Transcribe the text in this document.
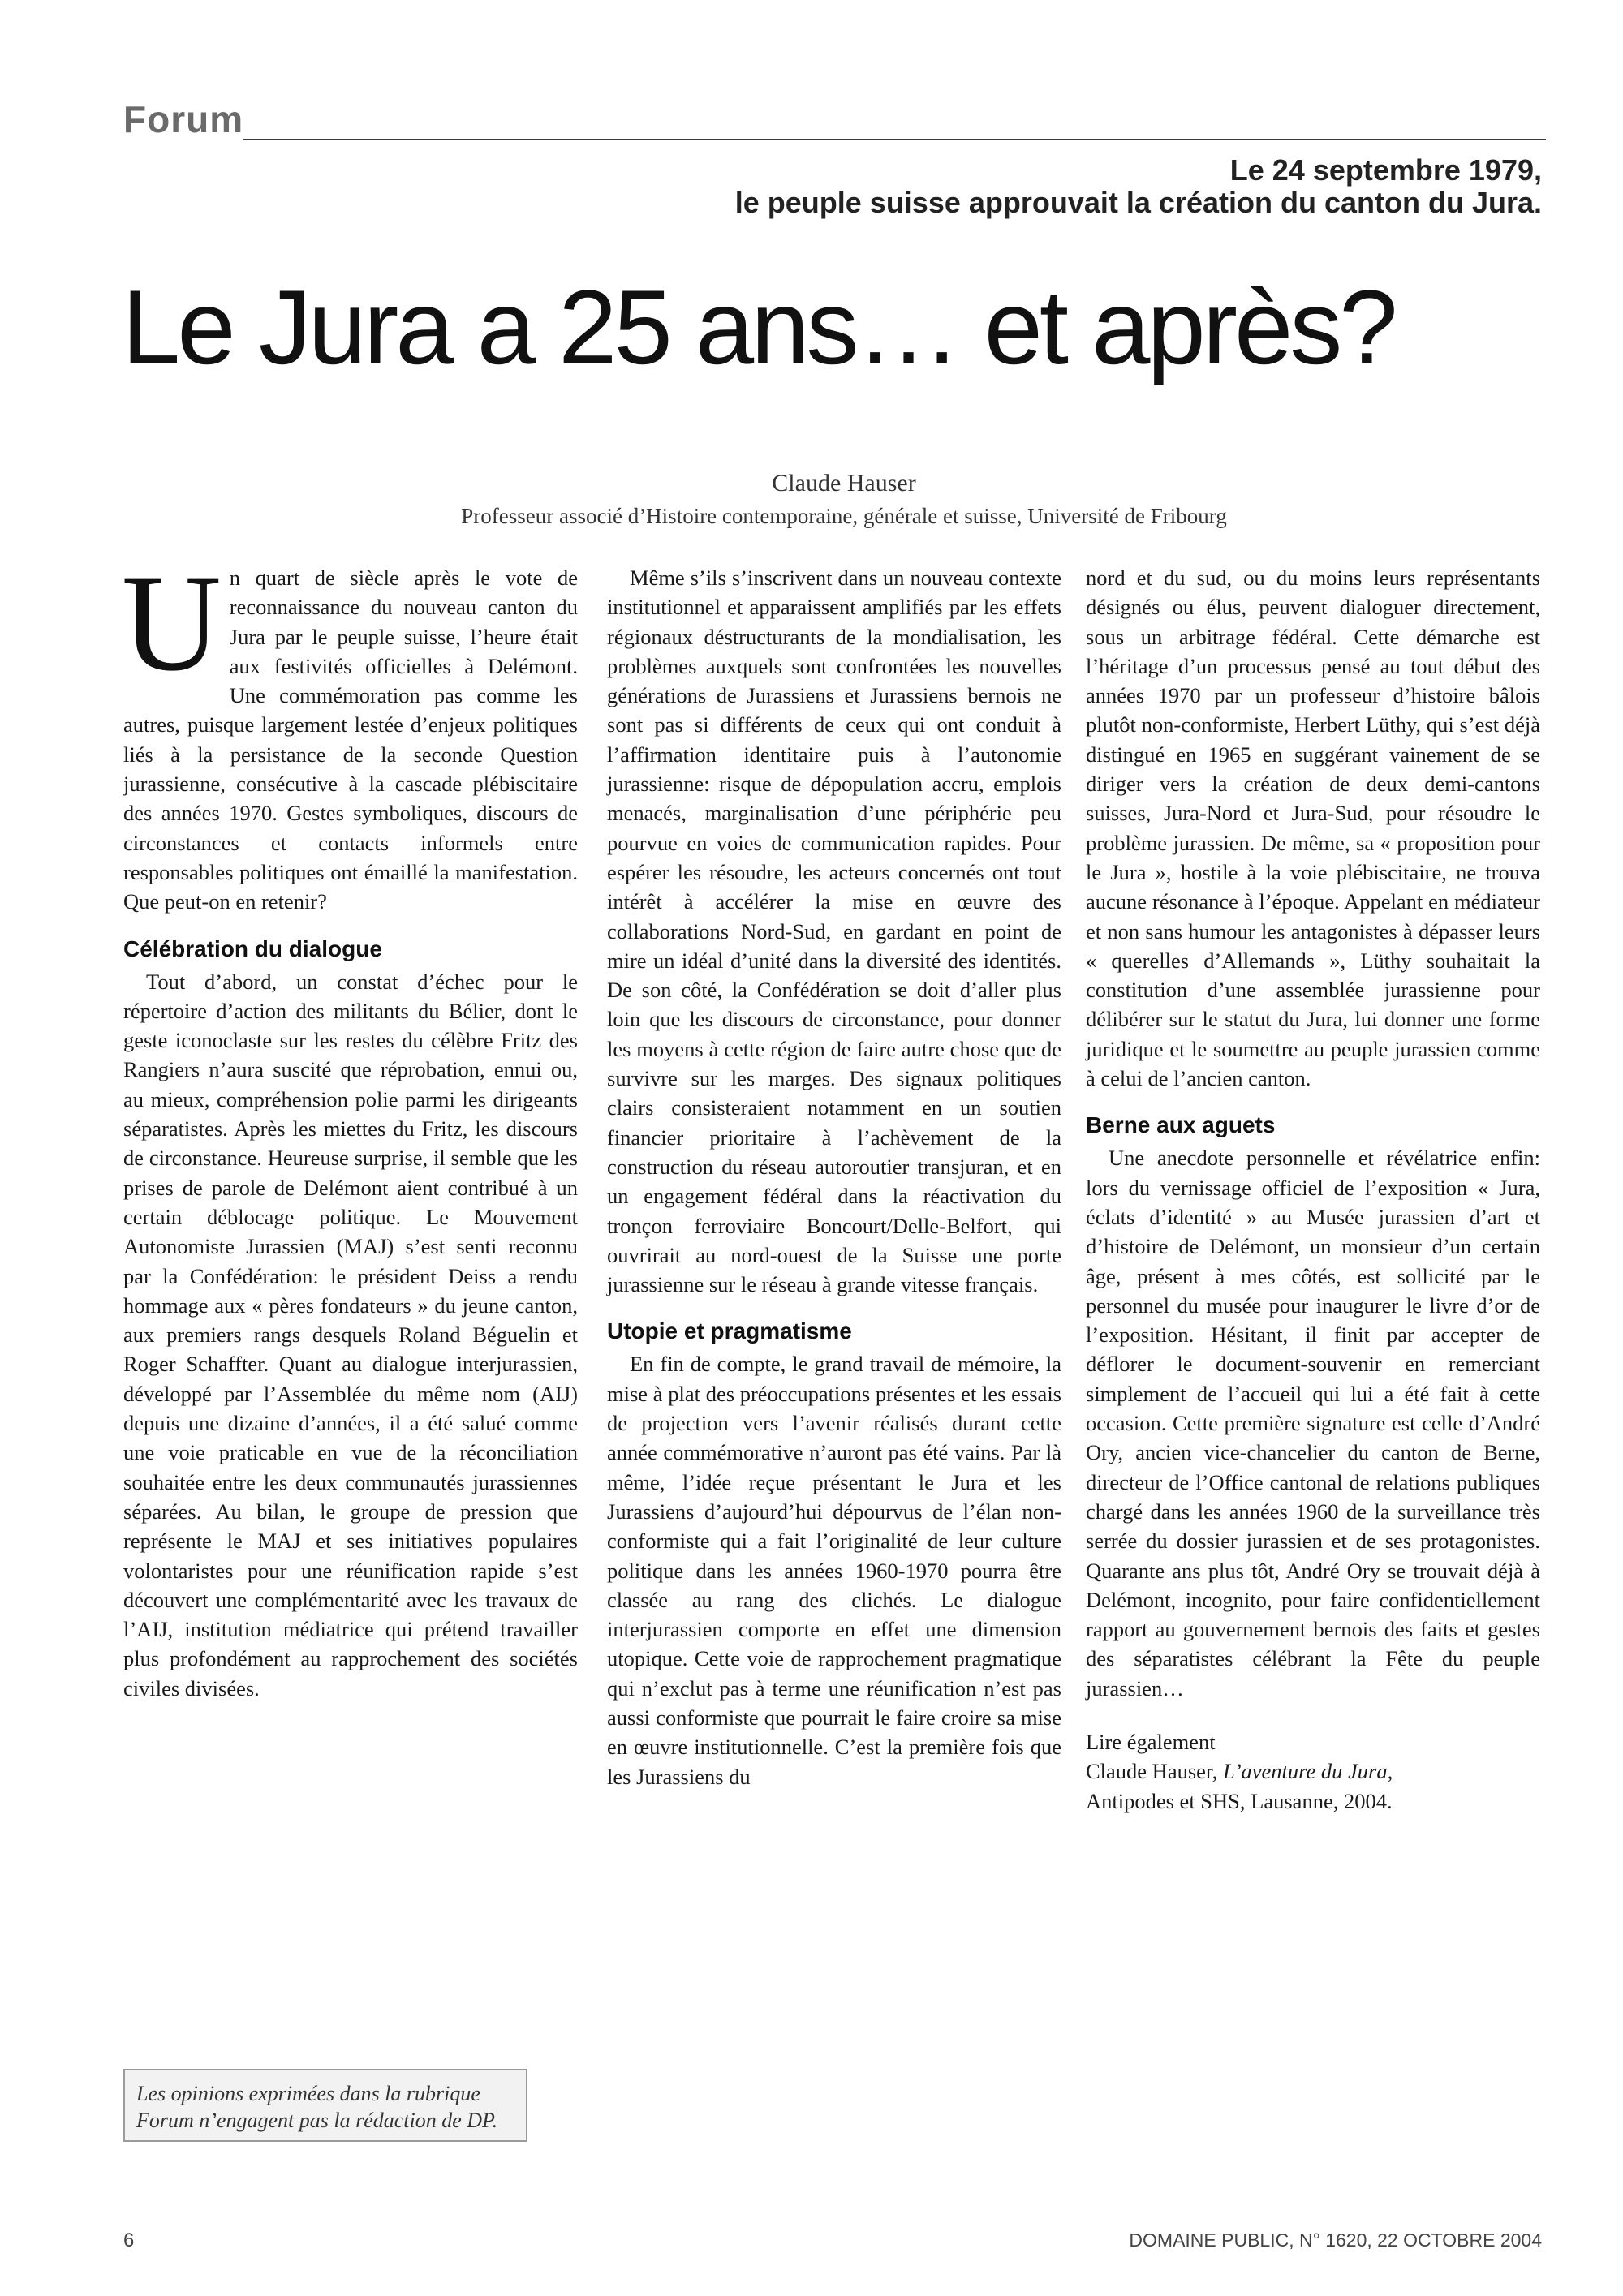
Forum
Le 24 septembre 1979,
le peuple suisse approuvait la création du canton du Jura.
Le Jura a 25 ans… et après?
Claude Hauser
Professeur associé d’Histoire contemporaine, générale et suisse, Université de Fribourg

Un quart de siècle après le vote de reconnaissance du nouveau canton du Jura par le peuple suisse, l’heure était aux festivités officielles à Delémont. Une commémoration pas comme les autres, puisque largement lestée d’enjeux politiques liés à la persistance de la seconde Question jurassienne, consécutive à la cascade plébiscitaire des années 1970. Gestes symboliques, discours de circonstances et contacts informels entre responsables politiques ont émaillé la manifestation. Que peut-on en retenir?

Célébration du dialogue

Tout d’abord, un constat d’échec pour le répertoire d’action des militants du Bélier, dont le geste iconoclaste sur les restes du célèbre Fritz des Rangiers n’aura suscité que réprobation, ennui ou, au mieux, compréhension polie parmi les dirigeants séparatistes. Après les miettes du Fritz, les discours de circonstance. Heureuse surprise, il semble que les prises de parole de Delémont aient contribué à un certain déblocage politique. Le Mouvement Autonomiste Jurassien (MAJ) s’est senti reconnu par la Confédération: le président Deiss a rendu hommage aux « pères fondateurs » du jeune canton, aux premiers rangs desquels Roland Béguelin et Roger Schaffter. Quant au dialogue interjurassien, développé par l’Assemblée du même nom (AIJ) depuis une dizaine d’années, il a été salué comme une voie praticable en vue de la réconciliation souhaitée entre les deux communautés jurassiennes séparées. Au bilan, le groupe de pression que représente le MAJ et ses initiatives populaires volontaristes pour une réunification rapide s’est découvert une complémentarité avec les travaux de l’AIJ, institution médiatrice qui prétend travailler plus profondément au rapprochement des sociétés civiles divisées.

Même s’ils s’inscrivent dans un nouveau contexte institutionnel et apparaissent amplifiés par les effets régionaux déstructurants de la mondialisation, les problèmes auxquels sont confrontées les nouvelles générations de Jurassiens et Jurassiens bernois ne sont pas si différents de ceux qui ont conduit à l’affirmation identitaire puis à l’autonomie jurassienne: risque de dépopulation accru, emplois menacés, marginalisation d’une périphérie peu pourvue en voies de communication rapides. Pour espérer les résoudre, les acteurs concernés ont tout intérêt à accélérer la mise en œuvre des collaborations Nord-Sud, en gardant en point de mire un idéal d’unité dans la diversité des identités. De son côté, la Confédération se doit d’aller plus loin que les discours de circonstance, pour donner les moyens à cette région de faire autre chose que de survivre sur les marges. Des signaux politiques clairs consisteraient notamment en un soutien financier prioritaire à l’achèvement de la construction du réseau autoroutier transjuran, et en un engagement fédéral dans la réactivation du tronçon ferroviaire Boncourt/Delle-Belfort, qui ouvrirait au nord-ouest de la Suisse une porte jurassienne sur le réseau à grande vitesse français.

Utopie et pragmatisme

En fin de compte, le grand travail de mémoire, la mise à plat des préoccupations présentes et les essais de projection vers l’avenir réalisés durant cette année commémorative n’auront pas été vains. Par là même, l’idée reçue présentant le Jura et les Jurassiens d’aujourd’hui dépourvus de l’élan non-conformiste qui a fait l’originalité de leur culture politique dans les années 1960-1970 pourra être classée au rang des clichés. Le dialogue interjurassien comporte en effet une dimension utopique. Cette voie de rapprochement pragmatique qui n’exclut pas à terme une réunification n’est pas aussi conformiste que pourrait le faire croire sa mise en œuvre institutionnelle. C’est la première fois que les Jurassiens du

nord et du sud, ou du moins leurs représentants désignés ou élus, peuvent dialoguer directement, sous un arbitrage fédéral. Cette démarche est l’héritage d’un processus pensé au tout début des années 1970 par un professeur d’histoire bâlois plutôt non-conformiste, Herbert Lüthy, qui s’est déjà distingué en 1965 en suggérant vainement de se diriger vers la création de deux demi-cantons suisses, Jura-Nord et Jura-Sud, pour résoudre le problème jurassien. De même, sa « proposition pour le Jura », hostile à la voie plébiscitaire, ne trouva aucune résonance à l’époque. Appelant en médiateur et non sans humour les antagonistes à dépasser leurs « querelles d’Allemands », Lüthy souhaitait la constitution d’une assemblée jurassienne pour délibérer sur le statut du Jura, lui donner une forme juridique et le soumettre au peuple jurassien comme à celui de l’ancien canton.

Berne aux aguets

Une anecdote personnelle et révélatrice enfin: lors du vernissage officiel de l’exposition « Jura, éclats d’identité » au Musée jurassien d’art et d’histoire de Delémont, un monsieur d’un certain âge, présent à mes côtés, est sollicité par le personnel du musée pour inaugurer le livre d’or de l’exposition. Hésitant, il finit par accepter de déflorer le document-souvenir en remerciant simplement de l’accueil qui lui a été fait à cette occasion. Cette première signature est celle d’André Ory, ancien vice-chancelier du canton de Berne, directeur de l’Office cantonal de relations publiques chargé dans les années 1960 de la surveillance très serrée du dossier jurassien et de ses protagonistes. Quarante ans plus tôt, André Ory se trouvait déjà à Delémont, incognito, pour faire confidentiellement rapport au gouvernement bernois des faits et gestes des séparatistes célébrant la Fête du peuple jurassien…

Lire également
Claude Hauser, L’aventure du Jura,
Antipodes et SHS, Lausanne, 2004.

Les opinions exprimées dans la rubrique Forum n’engagent pas la rédaction de DP.
6	DOMAINE PUBLIC, N° 1620, 22 OCTOBRE 2004
